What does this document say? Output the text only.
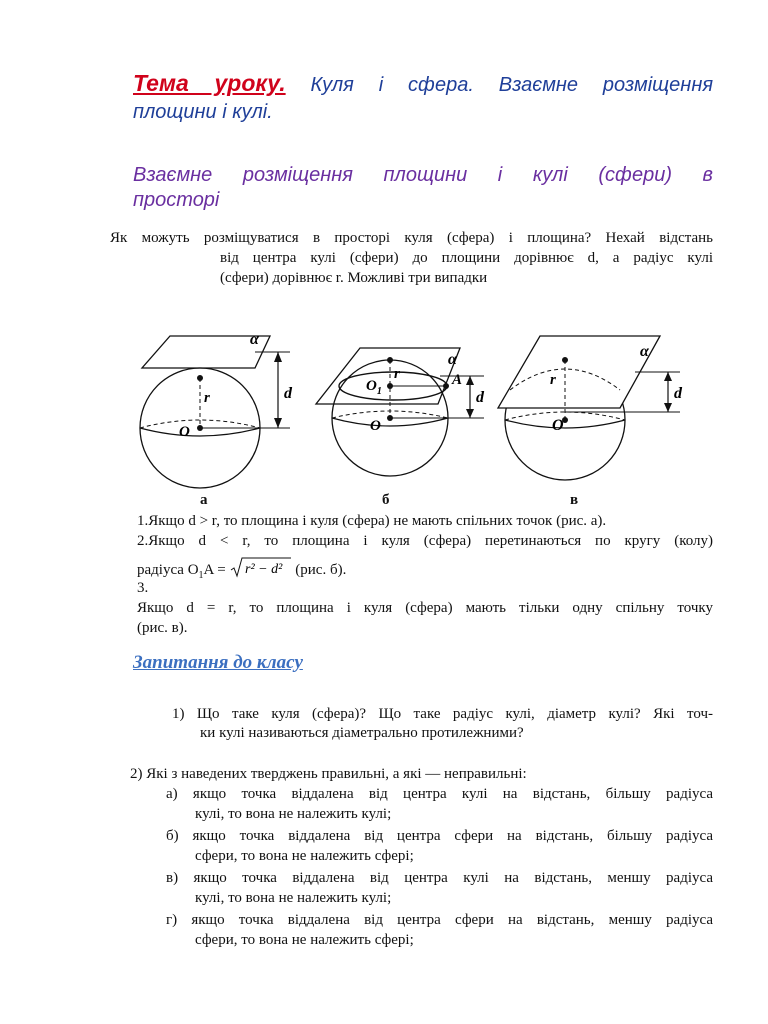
Тема уроку. Куля і сфера. Взаємне розміщення
площини і кулі.
Взаємне розміщення площини і кулі (сфери) в
просторі
Як можуть розміщуватися в просторі куля (сфера) і площина? Нехай відстань
від центра кулі (сфери) до площини дорівнює d, а радіус кулі
(сфери) дорівнює r. Можливі три випадки
α
d
r
O
α
A
$O_1$
r
O
d
α
r
O
d
а	б	в
1.Якщо d > r, то площина і куля (сфера) не мають спільних точок (рис. а).
2.Якщо d < r, то площина і куля (сфера) перетинаються по кругу (колу)
радіуса $O_1A = r^2 - d^2$ (рис. б).
3.
Якщо d = r, то площина і куля (сфера) мають тільки одну спільну точку
(рис. в).
Запитання до класу
1) Що таке куля (сфера)? Що таке радіус кулі, діаметр кулі? Які точ-
ки кулі називаються діаметрально протилежними?
2) Які з наведених тверджень правильні, а які — неправильні:
а) якщо точка віддалена від центра кулі на відстань, більшу радіуса
кулі, то вона не належить кулі;
б) якщо точка віддалена від центра сфери на відстань, більшу радіуса
сфери, то вона не належить сфері;
в) якщо точка віддалена від центра кулі на відстань, меншу радіуса
кулі, то вона не належить кулі;
г) якщо точка віддалена від центра сфери на відстань, меншу радіуса
сфери, то вона не належить сфері;
